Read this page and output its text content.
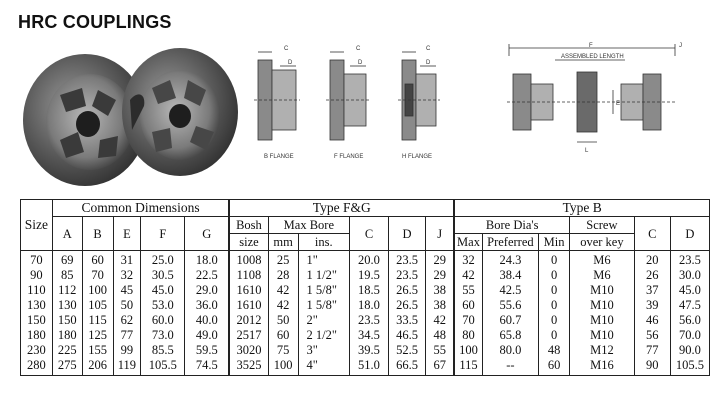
HRC COUPLINGS
C
D
C
D
C
D
B FLANGE	F FLANGE	H FLANGE
F	J
ASSEMBLED LENGTH
E
L
Size	Common Dimensions					Type F&G						Type B					
	A	B	E	F	G	Bosh	Max Bore		C	D	J	Bore Dia's			Screw	C	D
						size	mm	ins.				Max	Preferred	Min	over key		
70	69	60	31	25.0	18.0	1008	25	1"	20.0	23.5	29	32	24.3	0	M6	20	23.5
90	85	70	32	30.5	22.5	1108	28	1 1/2"	19.5	23.5	29	42	38.4	0	M6	26	30.0
110	112	100	45	45.0	29.0	1610	42	1 5/8"	18.5	26.5	38	55	42.5	0	M10	37	45.0
130	130	105	50	53.0	36.0	1610	42	1 5/8"	18.0	26.5	38	60	55.6	0	M10	39	47.5
150	150	115	62	60.0	40.0	2012	50	2"	23.5	33.5	42	70	60.7	0	M10	46	56.0
180	180	125	77	73.0	49.0	2517	60	2 1/2"	34.5	46.5	48	80	65.8	0	M10	56	70.0
230	225	155	99	85.5	59.5	3020	75	3"	39.5	52.5	55	100	80.0	48	M12	77	90.0
280	275	206	119	105.5	74.5	3525	100	4"	51.0	66.5	67	115	--	60	M16	90	105.5
